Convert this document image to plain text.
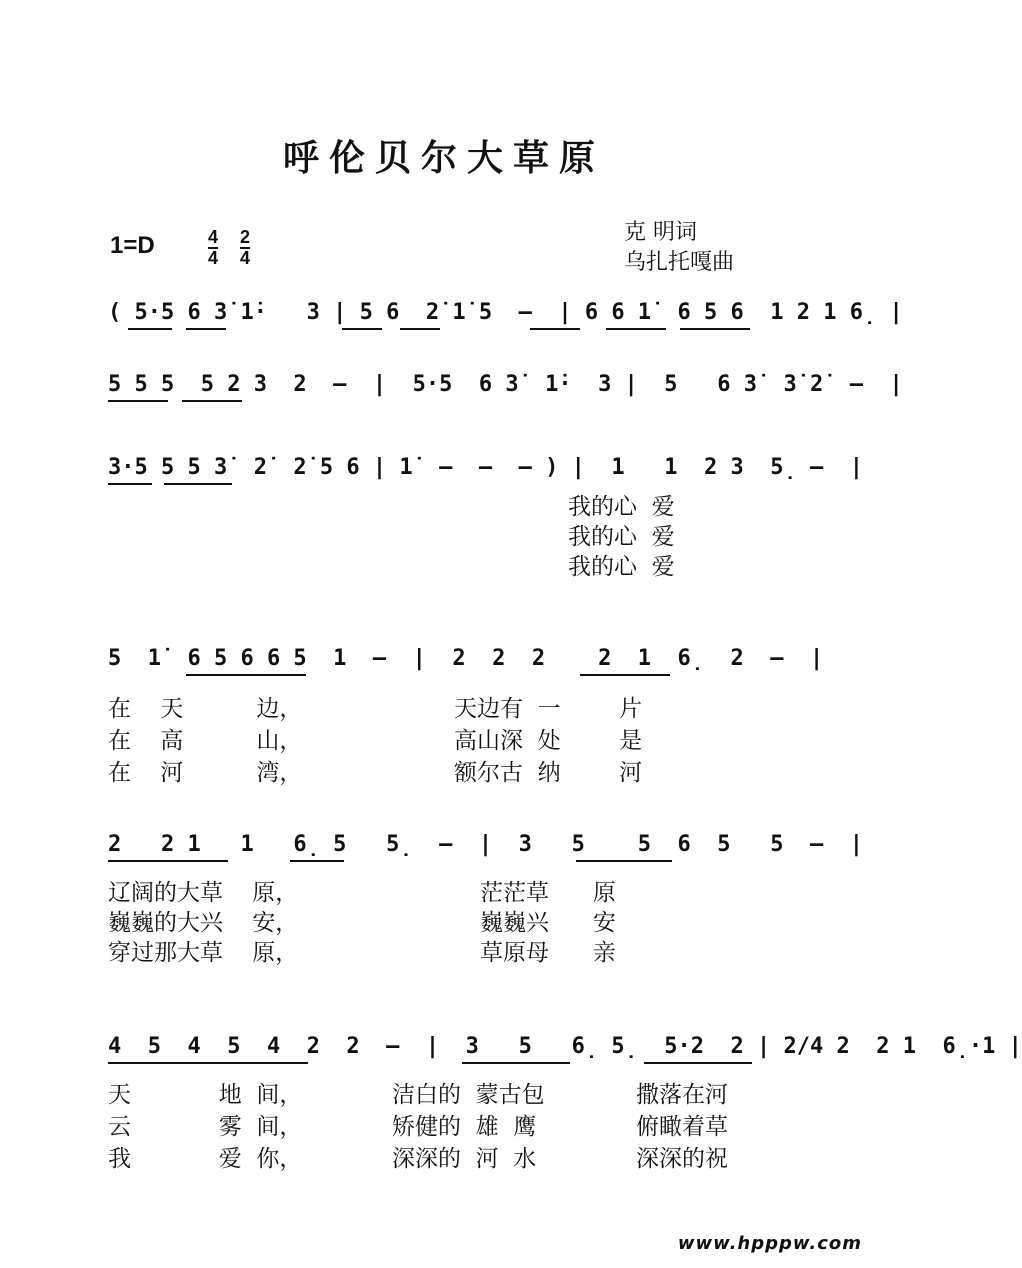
呼伦贝尔大草原
1=D	4
4
2
4
克 明词
乌扎托嘎曲
( 5·5 6 3̇ 1̇·   3 | 5 6  2̇ 1̇ 5  –  | 6 6 1̇  6 5 6  1 2 1 6̣ |
5 5 5  5 2 3  2  –  |  5·5  6 3̇  1̇·  3 |  5   6 3̇  3̇ 2̇  –  |
3·5 5 5 3̇  2̇  2̇ 5 6 | 1̇  –  –  – ) |  1   1  2 3  5̣ –  |
5  1̇  6 5 6 6 5  1  –  |  2  2  2    2  1  6̣  2  –  |
2   2 1   1   6̣ 5   5̣  –  |  3   5    5  6  5   5  –  |
4  5  4  5  4  2  2  –  |  3   5   6̣ 5̣  5·2  2 | 2/4 2  2 1  6̣·1 |
我的心  爱
我的心  爱
我的心  爱
在    天          边，	天边有  一        片
在    高          山，	高山深  处        是
在    河          湾，	额尔古  纳        河
辽阔的大草    原，	茫茫草      原
巍巍的大兴    安，	巍巍兴      安
穿过那大草    原，	草原母      亲
天            地  间，	洁白的  蒙古包	撒落在河
云            雾  间，	矫健的  雄  鹰	俯瞰着草
我            爱  你，	深深的  河  水	深深的祝
www.hpppw.com
